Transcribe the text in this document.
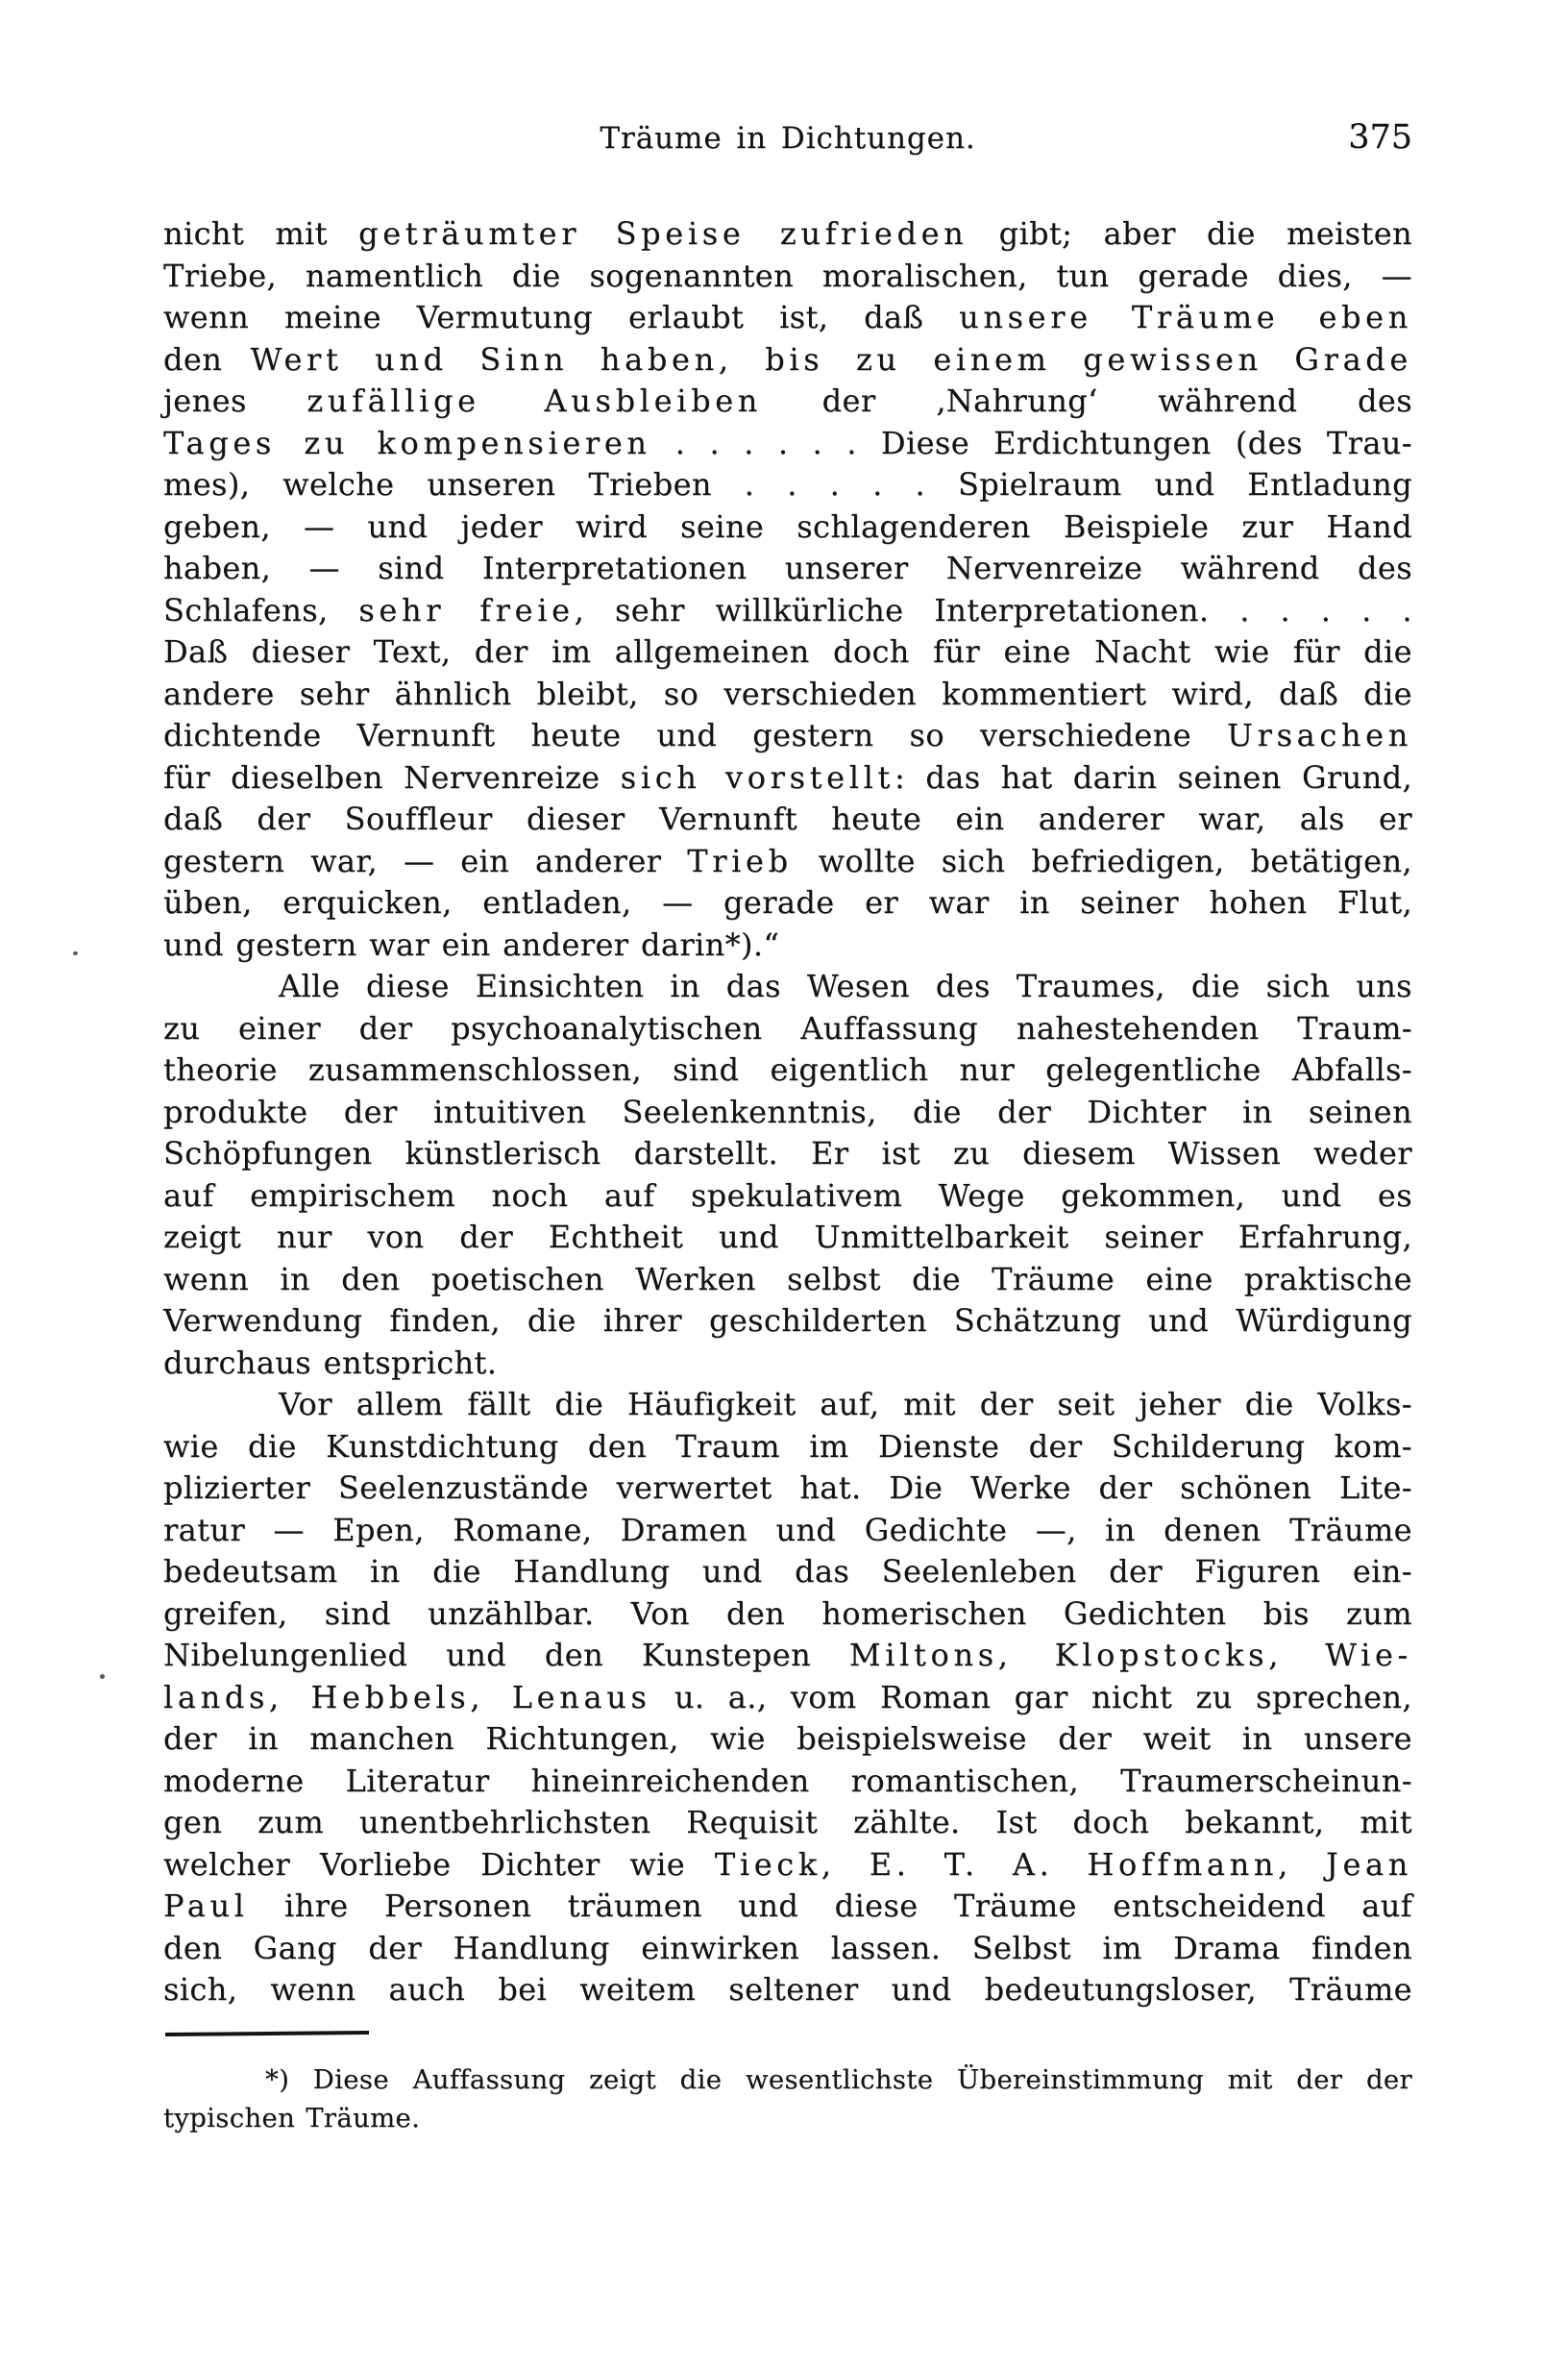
Träume in Dichtungen.	375
nicht mit geträumter Speise zufrieden gibt; aber die meisten
Triebe, namentlich die sogenannten moralischen, tun gerade dies, —
wenn meine Vermutung erlaubt ist, daß unsere Träume eben
den Wert und Sinn haben, bis zu einem gewissen Grade
jenes zufällige Ausbleiben der ‚Nahrung‘ während des
Tages zu kompensieren . . . . . . Diese Erdichtungen (des Trau-
mes), welche unseren Trieben . . . . . Spielraum und Entladung
geben, — und jeder wird seine schlagenderen Beispiele zur Hand
haben, — sind Interpretationen unserer Nervenreize während des
Schlafens, sehr freie, sehr willkürliche Interpretationen. . . . . .
Daß dieser Text, der im allgemeinen doch für eine Nacht wie für die
andere sehr ähnlich bleibt, so verschieden kommentiert wird, daß die
dichtende Vernunft heute und gestern so verschiedene Ursachen
für dieselben Nervenreize sich vorstellt: das hat darin seinen Grund,
daß der Souffleur dieser Vernunft heute ein anderer war, als er
gestern war, — ein anderer Trieb wollte sich befriedigen, betätigen,
üben, erquicken, entladen, — gerade er war in seiner hohen Flut,
und gestern war ein anderer darin*).“
Alle diese Einsichten in das Wesen des Traumes, die sich uns
zu einer der psychoanalytischen Auffassung nahestehenden Traum-
theorie zusammenschlossen, sind eigentlich nur gelegentliche Abfalls-
produkte der intuitiven Seelenkenntnis, die der Dichter in seinen
Schöpfungen künstlerisch darstellt. Er ist zu diesem Wissen weder
auf empirischem noch auf spekulativem Wege gekommen, und es
zeigt nur von der Echtheit und Unmittelbarkeit seiner Erfahrung,
wenn in den poetischen Werken selbst die Träume eine praktische
Verwendung finden, die ihrer geschilderten Schätzung und Würdigung
durchaus entspricht.
Vor allem fällt die Häufigkeit auf, mit der seit jeher die Volks-
wie die Kunstdichtung den Traum im Dienste der Schilderung kom-
plizierter Seelenzustände verwertet hat. Die Werke der schönen Lite-
ratur — Epen, Romane, Dramen und Gedichte —, in denen Träume
bedeutsam in die Handlung und das Seelenleben der Figuren ein-
greifen, sind unzählbar. Von den homerischen Gedichten bis zum
Nibelungenlied und den Kunstepen Miltons, Klopstocks, Wie-
lands, Hebbels, Lenaus u. a., vom Roman gar nicht zu sprechen,
der in manchen Richtungen, wie beispielsweise der weit in unsere
moderne Literatur hineinreichenden romantischen, Traumerscheinun-
gen zum unentbehrlichsten Requisit zählte. Ist doch bekannt, mit
welcher Vorliebe Dichter wie Tieck, E. T. A. Hoffmann, Jean
Paul ihre Personen träumen und diese Träume entscheidend auf
den Gang der Handlung einwirken lassen. Selbst im Drama finden
sich, wenn auch bei weitem seltener und bedeutungsloser, Träume
*) Diese Auffassung zeigt die wesentlichste Übereinstimmung mit der der
typischen Träume.
